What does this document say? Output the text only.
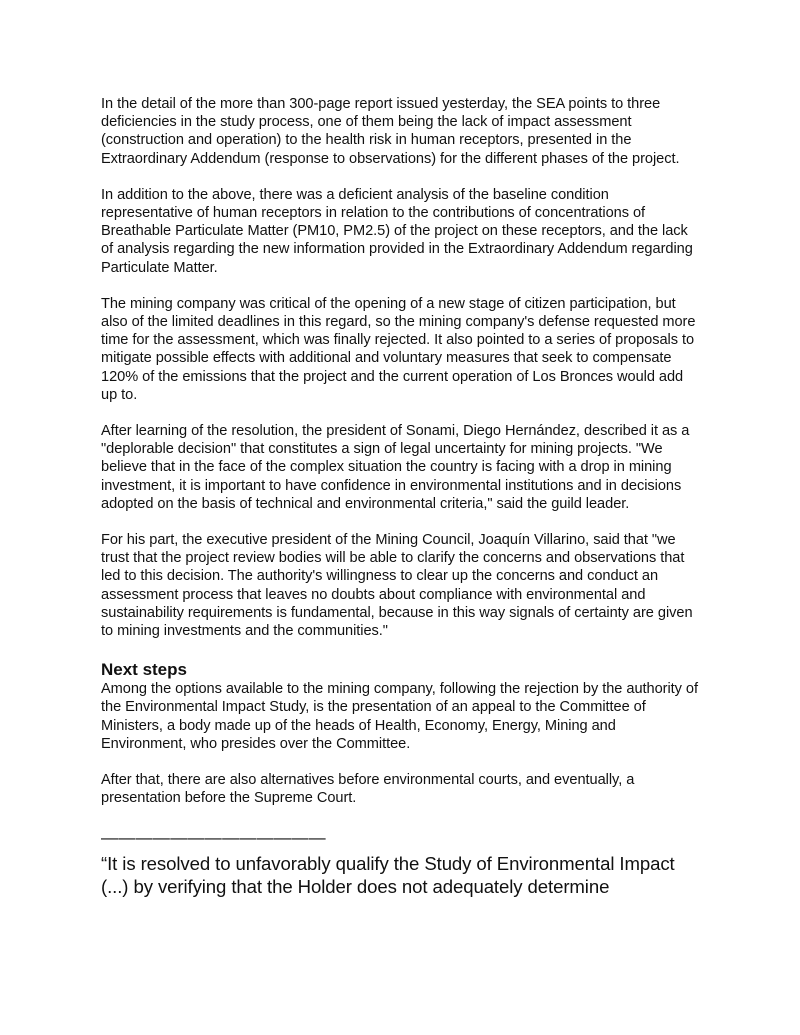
In the detail of the more than 300-page report issued yesterday, the SEA points to three deficiencies in the study process, one of them being the lack of impact assessment (construction and operation) to the health risk in human receptors, presented in the Extraordinary Addendum (response to observations) for the different phases of the project.

In addition to the above, there was a deficient analysis of the baseline condition representative of human receptors in relation to the contributions of concentrations of Breathable Particulate Matter (PM10, PM2.5) of the project on these receptors, and the lack of analysis regarding the new information provided in the Extraordinary Addendum regarding Particulate Matter.

The mining company was critical of the opening of a new stage of citizen participation, but also of the limited deadlines in this regard, so the mining company's defense requested more time for the assessment, which was finally rejected. It also pointed to a series of proposals to mitigate possible effects with additional and voluntary measures that seek to compensate 120% of the emissions that the project and the current operation of Los Bronces would add up to.

After learning of the resolution, the president of Sonami, Diego Hernández, described it as a "deplorable decision" that constitutes a sign of legal uncertainty for mining projects. "We believe that in the face of the complex situation the country is facing with a drop in mining investment, it is important to have confidence in environmental institutions and in decisions adopted on the basis of technical and environmental criteria," said the guild leader.

For his part, the executive president of the Mining Council, Joaquín Villarino, said that "we trust that the project review bodies will be able to clarify the concerns and observations that led to this decision. The authority's willingness to clear up the concerns and conduct an assessment process that leaves no doubts about compliance with environmental and sustainability requirements is fundamental, because in this way signals of certainty are given to mining investments and the communities."

Next steps

Among the options available to the mining company, following the rejection by the authority of the Environmental Impact Study, is the presentation of an appeal to the Committee of Ministers, a body made up of the heads of Health, Economy, Energy, Mining and Environment, who presides over the Committee.

After that, there are also alternatives before environmental courts, and eventually, a presentation before the Supreme Court.

—————————————

“It is resolved to unfavorably qualify the Study of Environmental Impact (...) by verifying that the Holder does not adequately determine
